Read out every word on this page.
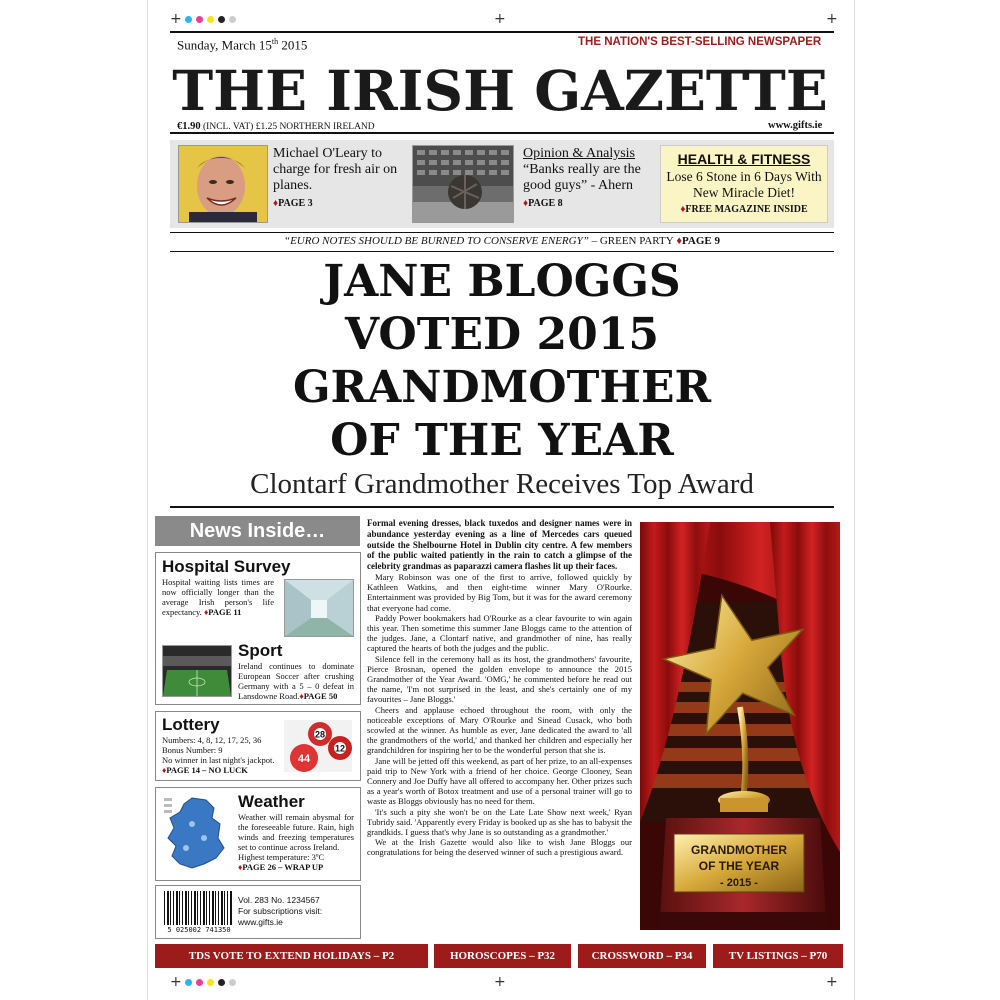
+	+	+
+	+	+
Sunday, March 15th 2015	THE NATION'S BEST-SELLING NEWSPAPER
THE IRISH GAZETTE
€1.90 (INCL. VAT) £1.25 NORTHERN IRELAND	www.gifts.ie
Michael O'Leary to charge for fresh air on planes.
♦PAGE 3
Opinion & Analysis
“Banks really are the good guys” - Ahern
♦PAGE 8
HEALTH & FITNESS
Lose 6 Stone in 6 Days With New Miracle Diet!
♦FREE MAGAZINE INSIDE
“EURO NOTES SHOULD BE BURNED TO CONSERVE ENERGY” – GREEN PARTY ♦PAGE 9
JANE BLOGGS
VOTED 2015
GRANDMOTHER
OF THE YEAR
Clontarf Grandmother Receives Top Award
News Inside…
Hospital Survey
Hospital waiting lists times are now officially longer than the average Irish person's life expectancy. ♦PAGE 11
Sport
Ireland continues to dominate European Soccer after crushing Germany with a 5 – 0 defeat in Lansdowne Road.♦PAGE 50
Lottery
Numbers: 4, 8, 12, 17, 25, 36
Bonus Number: 9
No winner in last night's jackpot.
♦PAGE 14 – NO LUCK
28
12
44
Weather
Weather will remain abysmal for the foreseeable future. Rain, high winds and freezing temperatures set to continue across Ireland.
Highest temperature: 3ºC
♦PAGE 26 – WRAP UP
5 025002 741350
Vol. 283 No. 1234567
For subscriptions visit:
www.gifts.ie

Formal evening dresses, black tuxedos and designer names were in abundance yesterday evening as a line of Mercedes cars queued outside the Shelbourne Hotel in Dublin city centre. A few members of the public waited patiently in the rain to catch a glimpse of the celebrity grandmas as paparazzi camera flashes lit up their faces.

Mary Robinson was one of the first to arrive, followed quickly by Kathleen Watkins, and then eight-time winner Mary O'Rourke. Entertainment was provided by Big Tom, but it was for the award ceremony that everyone had come.

Paddy Power bookmakers had O'Rourke as a clear favourite to win again this year. Then sometime this summer Jane Bloggs came to the attention of the judges. Jane, a Clontarf native, and grandmother of nine, has really captured the hearts of both the judges and the public.

Silence fell in the ceremony hall as its host, the grandmothers' favourite, Pierce Brosnan, opened the golden envelope to announce the 2015 Grandmother of the Year Award. 'OMG,' he commented before he read out the name, 'I'm not surprised in the least, and she's certainly one of my favourites – Jane Bloggs.'

Cheers and applause echoed throughout the room, with only the noticeable exceptions of Mary O'Rourke and Sinead Cusack, who both scowled at the winner. As humble as ever, Jane dedicated the award to 'all the grandmothers of the world,' and thanked her children and especially her grandchildren for inspiring her to be the wonderful person that she is.

Jane will be jetted off this weekend, as part of her prize, to an all-expenses paid trip to New York with a friend of her choice. George Clooney, Sean Connery and Joe Duffy have all offered to accompany her. Other prizes such as a year's worth of Botox treatment and use of a personal trainer will go to waste as Bloggs obviously has no need for them.

'It's such a pity she won't be on the Late Late Show next week,' Ryan Tubridy said. 'Apparently every Friday is booked up as she has to babysit the grandkids. I guess that's why Jane is so outstanding as a grandmother.'

We at the Irish Gazette would also like to wish Jane Bloggs our congratulations for being the deserved winner of such a prestigious award.	GRANDMOTHER
OF THE YEAR
- 2015 -
TDS VOTE TO EXTEND HOLIDAYS – P2	HOROSCOPES – P32	CROSSWORD – P34	TV LISTINGS – P70
